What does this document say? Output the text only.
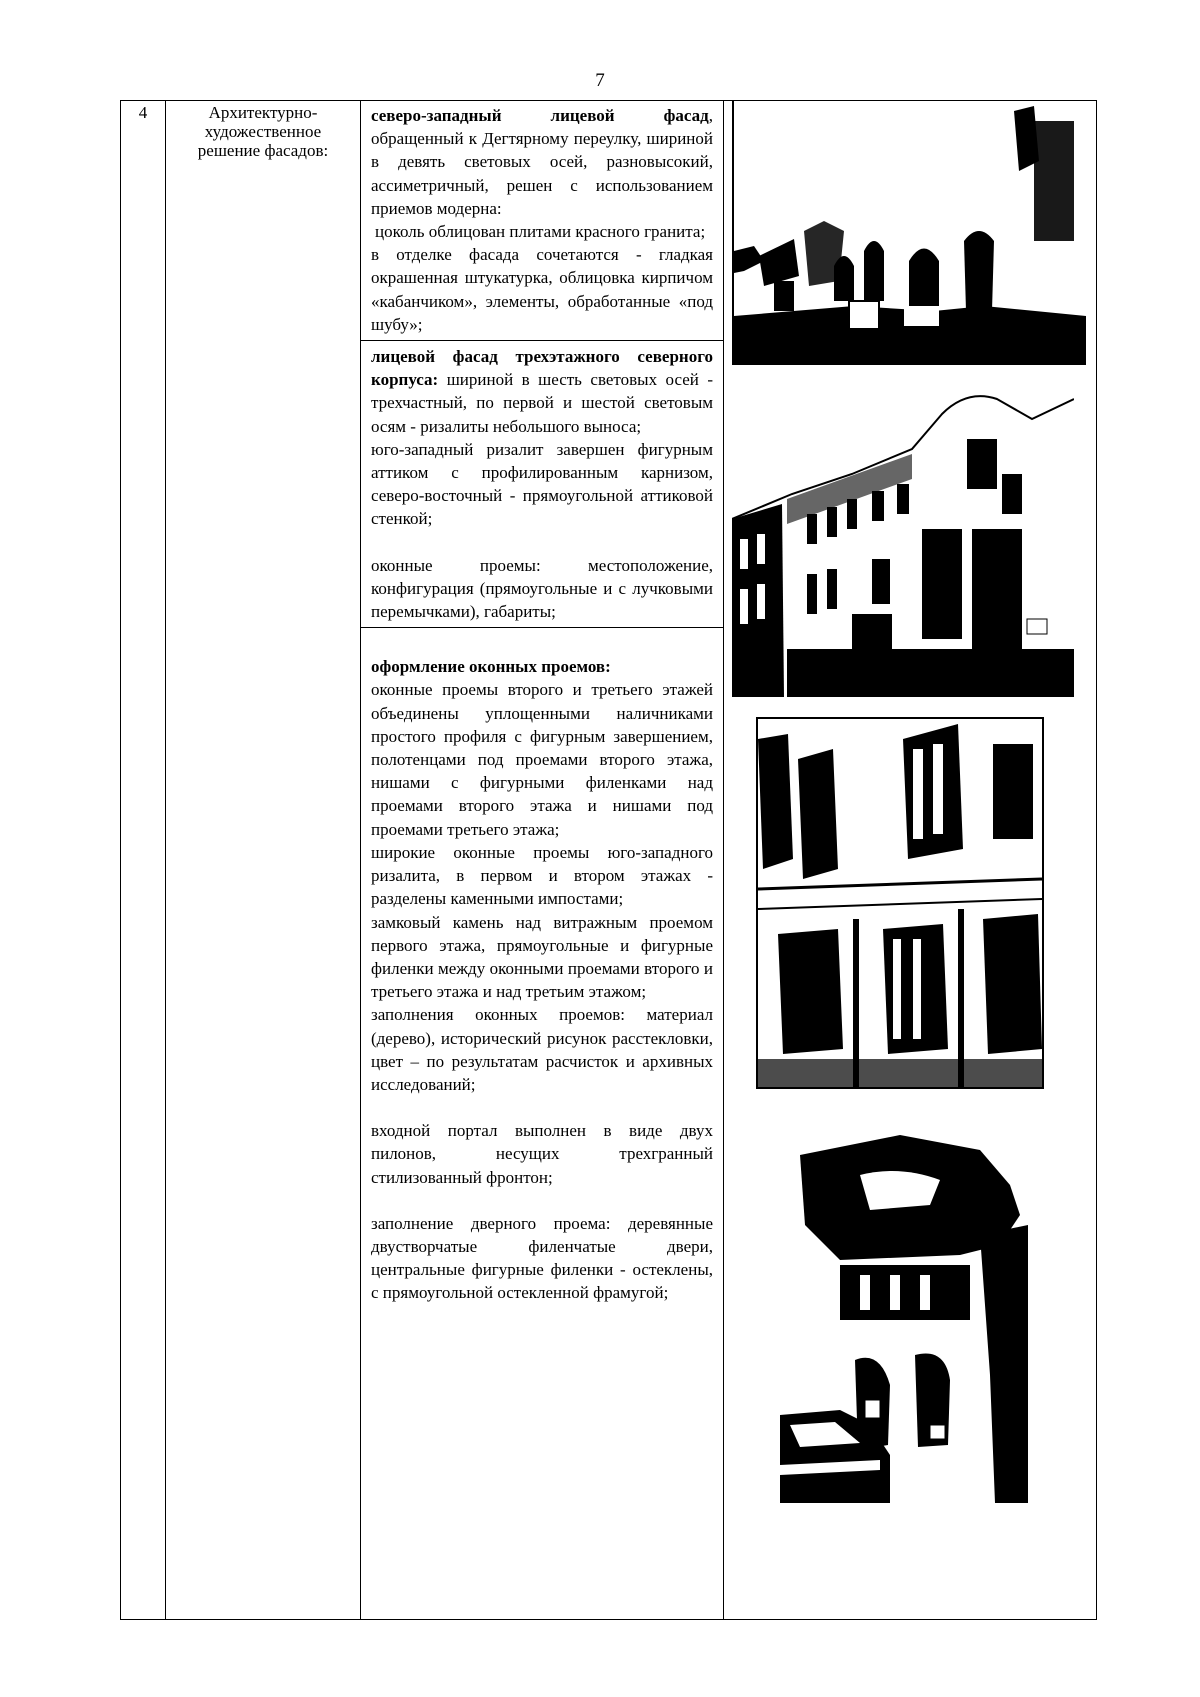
7
4	Архитектурно-художественное решение фасадов:

северо-западный лицевой фасад, обращенный к Дегтярному переулку, шириной в девять световых осей, разновысокий, ассиметричный, решен с использованием приемов модерна:

цоколь облицован плитами красного гранита;

в отделке фасада сочетаются - гладкая окрашенная штукатурка, облицовка кирпичом «кабанчиком», элементы, обработанные «под шубу»;

лицевой фасад трехэтажного северного корпуса: шириной в шесть световых осей - трехчастный, по первой и шестой световым осям - ризалиты небольшого выноса;

юго-западный ризалит завершен фигурным аттиком с профилированным карнизом, северо-восточный - прямоугольной аттиковой стенкой;

оконные проемы: местоположение, конфигурация (прямоугольные и с лучковыми перемычками), габариты;

оформление оконных проемов:

оконные проемы второго и третьего этажей объединены уплощенными наличниками простого профиля с фигурным завершением, полотенцами под проемами второго этажа, нишами с фигурными филенками над проемами второго этажа и нишами под проемами третьего этажа;

широкие оконные проемы юго-западного ризалита, в первом и втором этажах - разделены каменными импостами;

замковый камень над витражным проемом первого этажа, прямоугольные и фигурные филенки между оконными проемами второго и третьего этажа и над третьим этажом;

заполнения оконных проемов: материал (дерево), исторический рисунок расстекловки, цвет – по результатам расчисток и архивных исследований;

входной портал выполнен в виде двух пилонов, несущих трехгранный стилизованный фронтон;

заполнение дверного проема: деревянные двустворчатые филенчатые двери, центральные фигурные филенки - остеклены, с прямоугольной остекленной фрамугой;
